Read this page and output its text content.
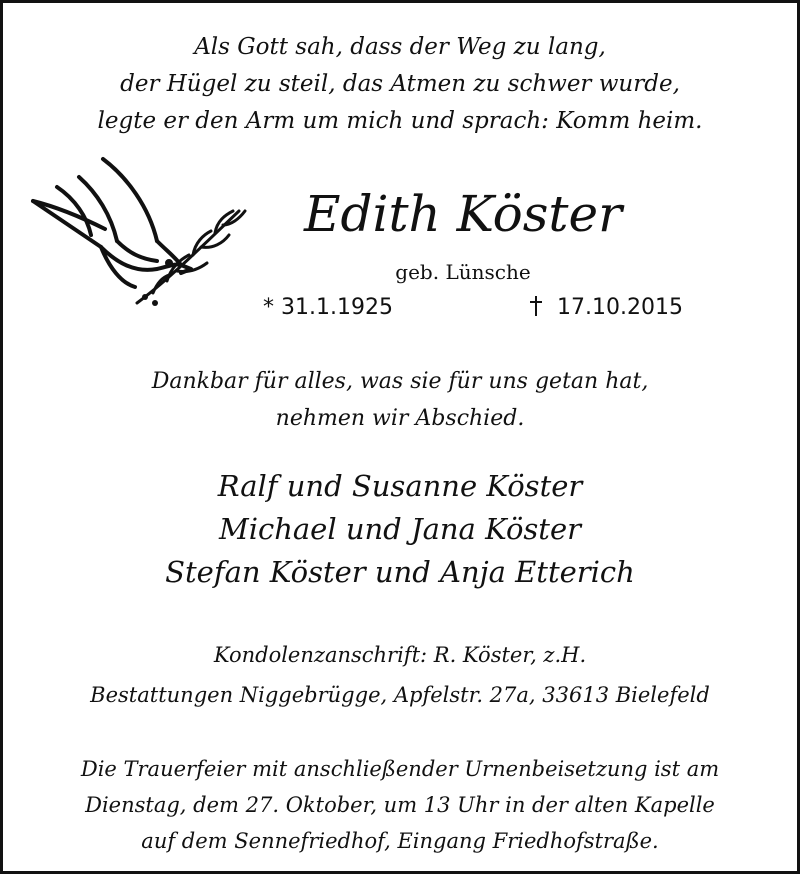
Als Gott sah, dass der Weg zu lang,
der Hügel zu steil, das Atmen zu schwer wurde,
legte er den Arm um mich und sprach: Komm heim.
Edith Köster
geb. Lünsche
* 31.1.1925	17.10.2015
Dankbar für alles, was sie für uns getan hat,
nehmen wir Abschied.
Ralf und Susanne Köster
Michael und Jana Köster
Stefan Köster und Anja Etterich
Kondolenzanschrift: R. Köster, z.H.
Bestattungen Niggebrügge, Apfelstr. 27a, 33613 Bielefeld
Die Trauerfeier mit anschließender Urnenbeisetzung ist am
Dienstag, dem 27. Oktober, um 13 Uhr in der alten Kapelle
auf dem Sennefriedhof, Eingang Friedhofstraße.
